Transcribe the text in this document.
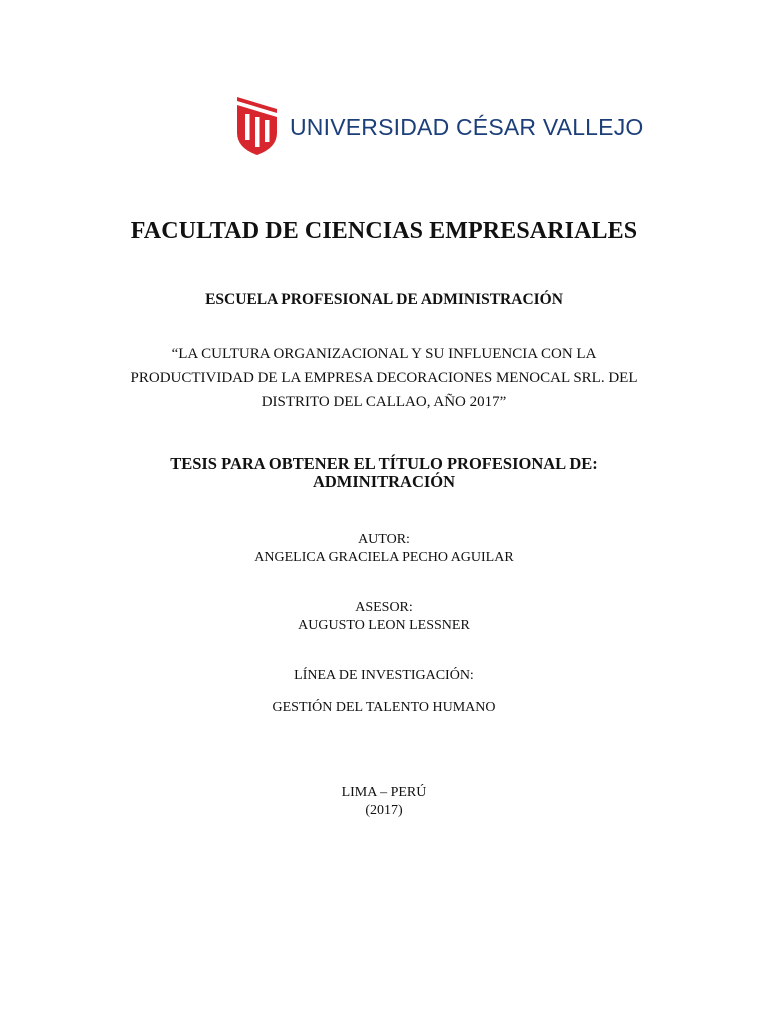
UNIVERSIDAD CÉSAR VALLEJO
FACULTAD DE CIENCIAS EMPRESARIALES
ESCUELA PROFESIONAL DE ADMINISTRACIÓN
“LA CULTURA ORGANIZACIONAL Y SU INFLUENCIA CON LA
PRODUCTIVIDAD DE LA EMPRESA DECORACIONES MENOCAL SRL. DEL
DISTRITO DEL CALLAO, AÑO 2017”
TESIS PARA OBTENER EL TÍTULO PROFESIONAL DE:
ADMINITRACIÓN
AUTOR:
ANGELICA GRACIELA PECHO AGUILAR
ASESOR:
AUGUSTO LEON LESSNER
LÍNEA DE INVESTIGACIÓN:
GESTIÓN DEL TALENTO HUMANO
LIMA – PERÚ
(2017)
